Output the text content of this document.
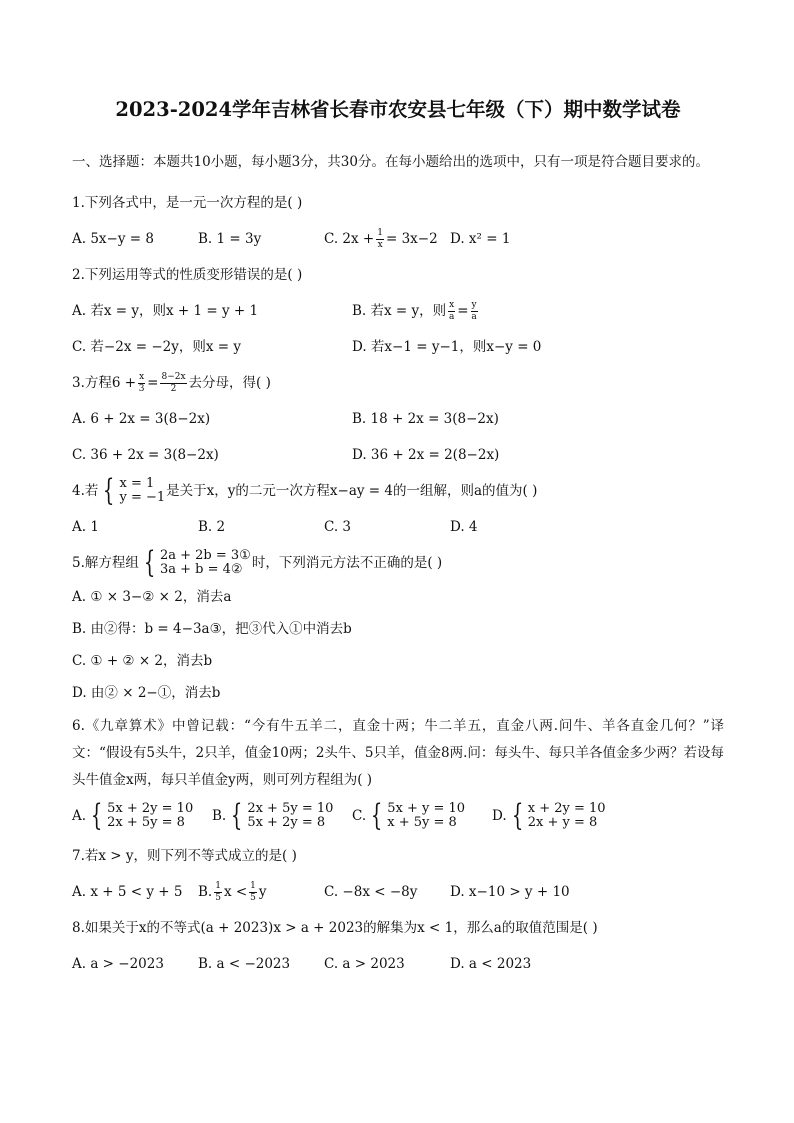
2023-2024学年吉林省长春市农安县七年级（下）期中数学试卷
一、选择题：本题共10小题，每小题3分，共30分。在每小题给出的选项中，只有一项是符合题目要求的。
1.下列各式中，是一元一次方程的是( )
A. 5x−y = 8	B. 1 = 3y	C. $2x + \frac{1}{x} = 3x-2$ D. x² = 1
2.下列运用等式的性质变形错误的是( )
A. 若x = y，则x + 1 = y + 1	B. 若x = y，则 $\frac{x}{a} = \frac{y}{a}$
C. 若−2x = −2y，则x = y	D. 若x−1 = y−1，则x−y = 0
3.方程$6 + \frac{x}{3} = \frac{8-2x}{2}$ 去分母，得( )
A. 6 + 2x = 3(8−2x)	B. 18 + 2x = 3(8−2x)
C. 36 + 2x = 3(8−2x)	D. 36 + 2x = 2(8−2x)
4.若 { x = 1
y = −1 是关于x，y的二元一次方程x−ay = 4的一组解，则a的值为( )
A. 1	B. 2	C. 3	D. 4
5.解方程组 { 2a + 2b = 3①
3a + b = 4② 时，下列消元方法不正确的是( )
A. ① × 3−② × 2，消去a
B. 由②得：b = 4−3a③，把③代入①中消去b
C. ① + ② × 2，消去b
D. 由② × 2−①，消去b
6.《九章算术》中曾记载：“今有牛五羊二，直金十两；牛二羊五，直金八两.问牛、羊各直金几何？”译文：“假设有5头牛，2只羊，值金10两；2头牛、5只羊，值金8两.问：每头牛、每只羊各值金多少两？若设每头牛值金x两，每只羊值金y两，则可列方程组为( )
A. { 5x + 2y = 10
2x + 5y = 8	B. { 2x + 5y = 10
5x + 2y = 8	C. { 5x + y = 10
x + 5y = 8	D. { x + 2y = 10
2x + y = 8
7.若x > y，则下列不等式成立的是( )
A. x + 5 < y + 5	B. $\frac{1}{5}$ $x < \frac{1}{5}$ y	C. −8x < −8y	D. x−10 > y + 10
8.如果关于x的不等式(a + 2023)x > a + 2023的解集为x < 1，那么a的取值范围是( )
A. a > −2023	B. a < −2023	C. a > 2023	D. a < 2023
